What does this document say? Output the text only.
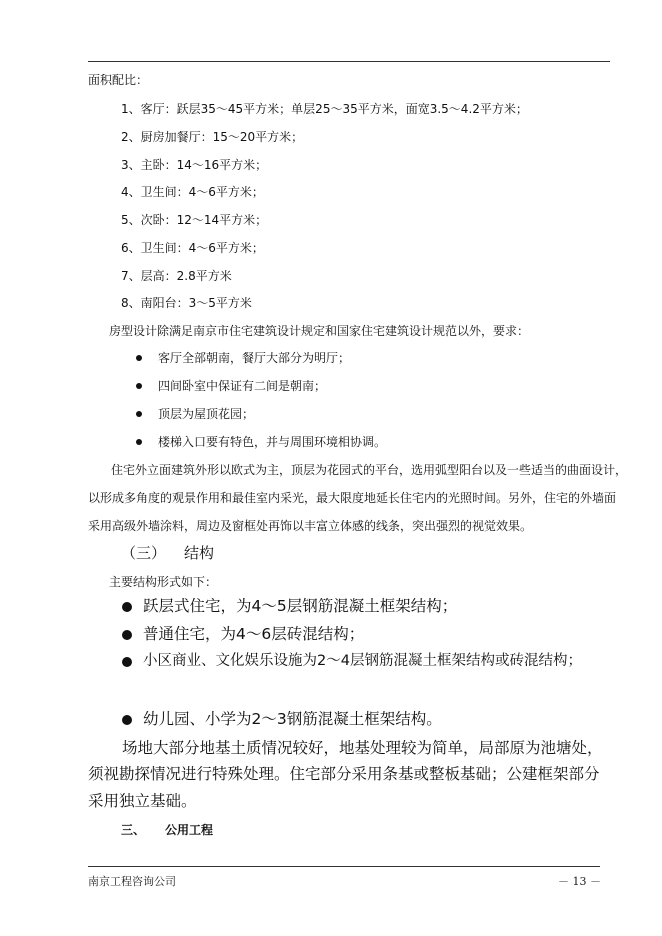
面积配比：
1、客厅：跃层35～45平方米；单层25～35平方米，面宽3.5～4.2平方米；
2、厨房加餐厅：15～20平方米；
3、主卧：14～16平方米；
4、卫生间：4～6平方米；
5、次卧：12～14平方米；
6、卫生间：4～6平方米；
7、层高：2.8平方米
8、南阳台：3～5平方米
房型设计除满足南京市住宅建筑设计规定和国家住宅建筑设计规范以外，要求：
客厅全部朝南，餐厅大部分为明厅；
四间卧室中保证有二间是朝南；
顶层为屋顶花园；
楼梯入口要有特色，并与周围环境相协调。
住宅外立面建筑外形以欧式为主，顶层为花园式的平台，选用弧型阳台以及一些适当的曲面设计，
以形成多角度的观景作用和最佳室内采光，最大限度地延长住宅内的光照时间。另外，住宅的外墙面
采用高级外墙涂料，周边及窗框处再饰以丰富立体感的线条，突出强烈的视觉效果。
（三） 结构
主要结构形式如下：
跃层式住宅，为4～5层钢筋混凝土框架结构；
普通住宅，为4～6层砖混结构；
小区商业、文化娱乐设施为2～4层钢筋混凝土框架结构或砖混结构；
幼儿园、小学为2～3钢筋混凝土框架结构。
场地大部分地基土质情况较好，地基处理较为简单，局部原为池塘处，
须视勘探情况进行特殊处理。住宅部分采用条基或整板基础；公建框架部分
采用独立基础。
三、 公用工程
南京工程咨询公司	－ 13 －
